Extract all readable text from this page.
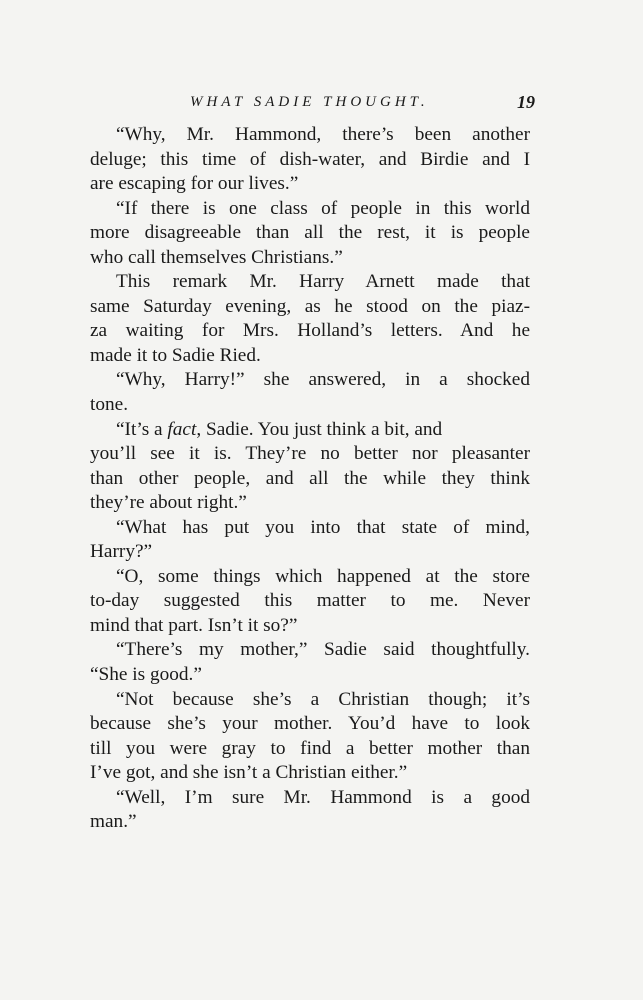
WHAT SADIE THOUGHT.	19
“Why, Mr. Hammond, there’s been another
deluge; this time of dish-water, and Birdie and I
are escaping for our lives.”
“If there is one class of people in this world
more disagreeable than all the rest, it is people
who call themselves Christians.”
This remark Mr. Harry Arnett made that
same Saturday evening, as he stood on the piaz-
za waiting for Mrs. Holland’s letters. And he
made it to Sadie Ried.
“Why, Harry!” she answered, in a shocked
tone.
“It’s a fact, Sadie. You just think a bit, and
you’ll see it is. They’re no better nor pleasanter
than other people, and all the while they think
they’re about right.”
“What has put you into that state of mind,
Harry?”
“O, some things which happened at the store
to-day suggested this matter to me. Never
mind that part. Isn’t it so?”
“There’s my mother,” Sadie said thoughtfully.
“She is good.”
“Not because she’s a Christian though; it’s
because she’s your mother. You’d have to look
till you were gray to find a better mother than
I’ve got, and she isn’t a Christian either.”
“Well, I’m sure Mr. Hammond is a good
man.”
